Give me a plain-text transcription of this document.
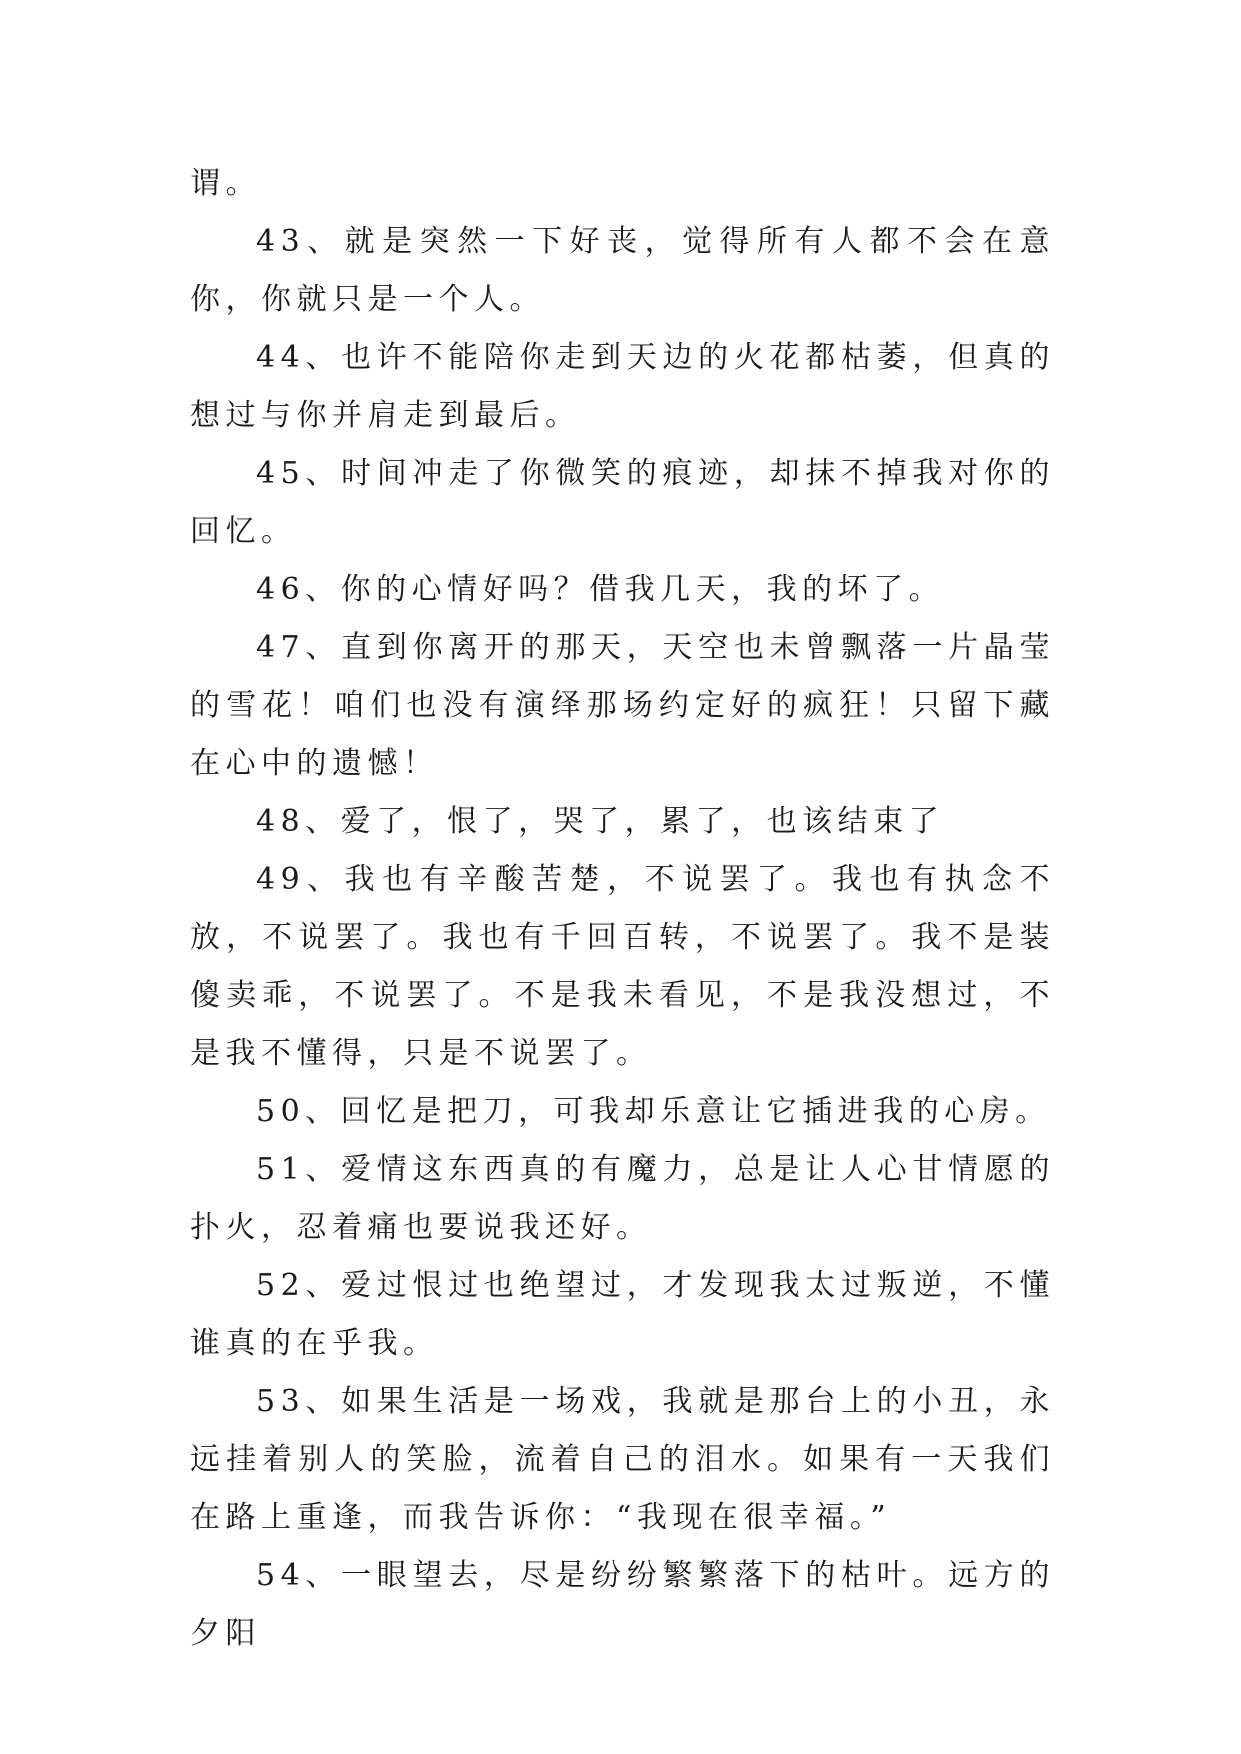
谓。

43、就是突然一下好丧，觉得所有人都不会在意你，你就只是一个人。

44、也许不能陪你走到天边的火花都枯萎，但真的想过与你并肩走到最后。

45、时间冲走了你微笑的痕迹，却抹不掉我对你的回忆。

46、你的心情好吗？借我几天，我的坏了。

47、直到你离开的那天，天空也未曾飘落一片晶莹的雪花！咱们也没有演绎那场约定好的疯狂！只留下藏在心中的遗憾！

48、爱了，恨了，哭了，累了，也该结束了

49、我也有辛酸苦楚，不说罢了。我也有执念不放，不说罢了。我也有千回百转，不说罢了。我不是装傻卖乖，不说罢了。不是我未看见，不是我没想过，不是我不懂得，只是不说罢了。

50、回忆是把刀，可我却乐意让它插进我的心房。

51、爱情这东西真的有魔力，总是让人心甘情愿的扑火，忍着痛也要说我还好。

52、爱过恨过也绝望过，才发现我太过叛逆，不懂谁真的在乎我。

53、如果生活是一场戏，我就是那台上的小丑，永远挂着别人的笑脸，流着自己的泪水。如果有一天我们在路上重逢，而我告诉你：“我现在很幸福。”

54、一眼望去，尽是纷纷繁繁落下的枯叶。远方的夕阳
